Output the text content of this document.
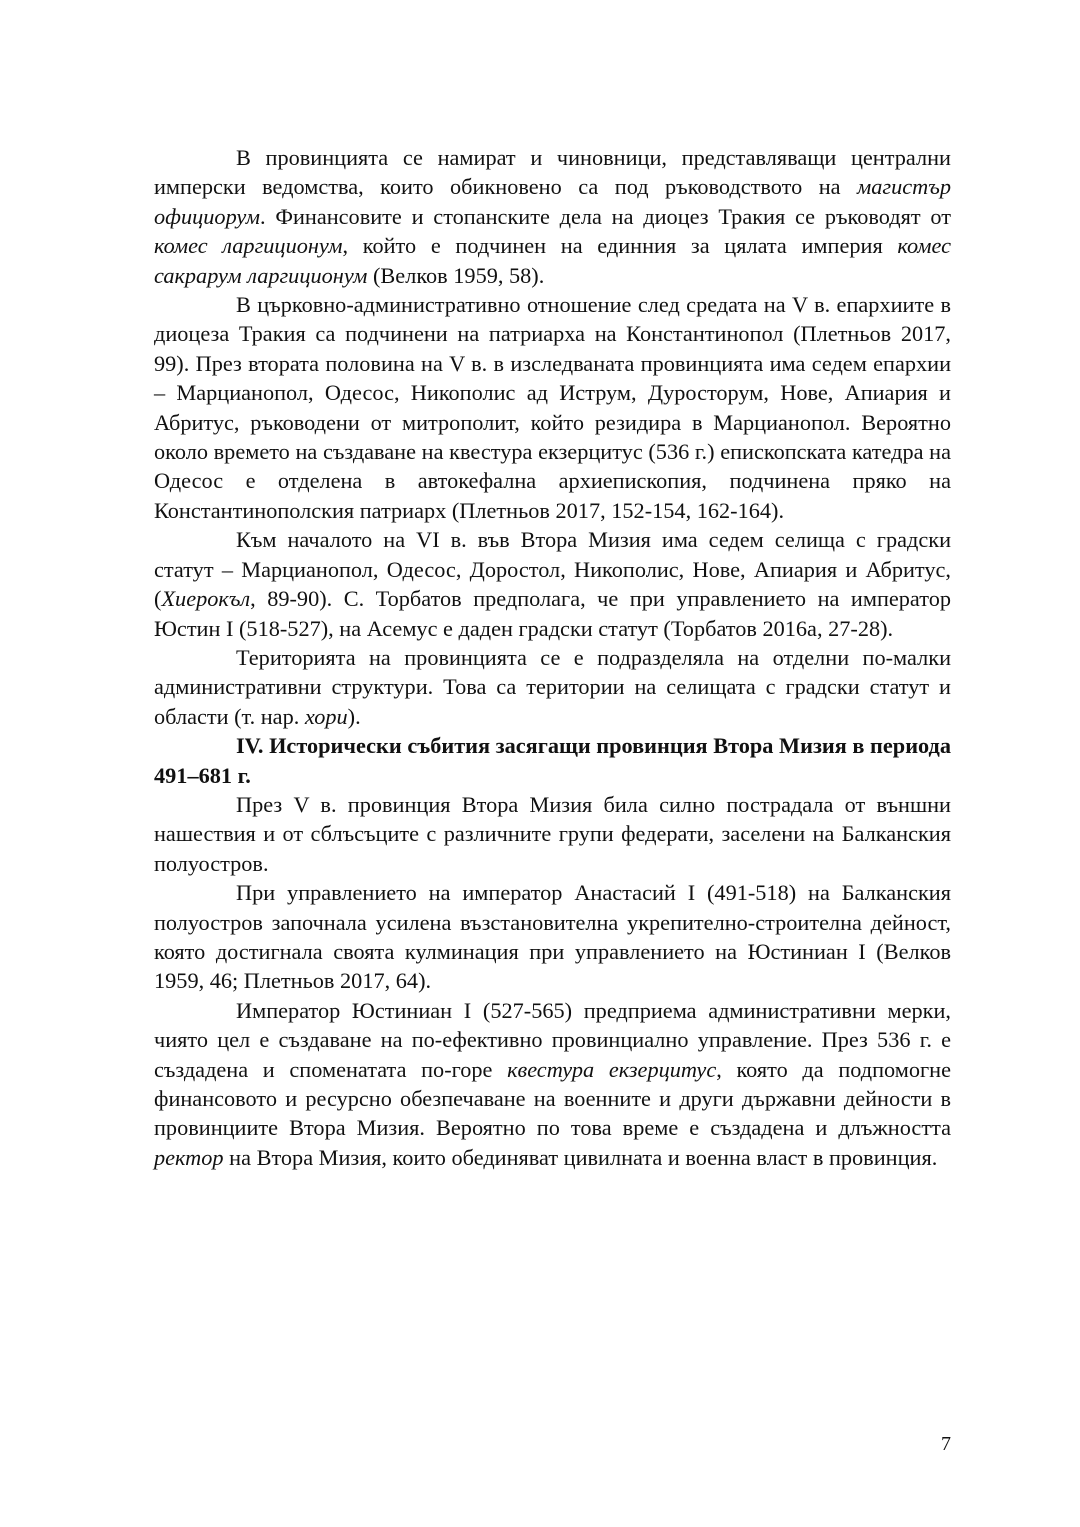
В провинцията се намират и чиновници, представляващи централни имперски ведомства, които обикновено са под ръководството на магистър официорум. Финансовите и стопанските дела на диоцез Тракия се ръководят от комес ларгиционум, който е подчинен на единния за цялата империя комес сакрарум ларгиционум (Велков 1959, 58).

В църковно-административно отношение след средата на V в. епархиите в диоцеза Тракия са подчинени на патриарха на Константинопол (Плетньов 2017, 99). През втората половина на V в. в изследваната провинцията има седем епархии – Марцианопол, Одесос, Никополис ад Иструм, Дуросторум, Нове, Апиария и Абритус, ръководени от митрополит, който резидира в Марцианопол. Вероятно около времето на създаване на квестура екзерцитус (536 г.) епископската катедра на Одесос е отделена в автокефална архиепископия, подчинена пряко на Константинополския патриарх (Плетньов 2017, 152-154, 162-164).

Към началото на VI в. във Втора Мизия има седем селища с градски статут – Марцианопол, Одесос, Доростол, Никополис, Нове, Апиария и Абритус, (Хиерокъл, 89-90). С. Торбатов предполага, че при управлението на император Юстин I (518-527), на Асемус е даден градски статут (Торбатов 2016а, 27-28).

Територията на провинцията се е подразделяла на отделни по-малки административни структури. Това са територии на селищата с градски статут и области (т. нар. хори).

IV. Исторически събития засягащи провинция Втора Мизия в периода 491–681 г.

През V в. провинция Втора Мизия била силно пострадала от външни нашествия и от сблъсъците с различните групи федерати, заселени на Балканския полуостров.

При управлението на император Анастасий I (491-518) на Балканския полуостров започнала усилена възстановителна укрепително-строителна дейност, която достигнала своята кулминация при управлението на Юстиниан I (Велков 1959, 46; Плетньов 2017, 64).

Император Юстиниан I (527-565) предприема административни мерки, чиято цел е създаване на по-ефективно провинциално управление. През 536 г. е създадена и споменатата по-горе квестура екзерцитус, която да подпомогне финансовото и ресурсно обезпечаване на военните и други държавни дейности в провинциите Втора Мизия. Вероятно по това време е създадена и длъжността ректор на Втора Мизия, които обединяват цивилната и военна власт в провинция.

7
